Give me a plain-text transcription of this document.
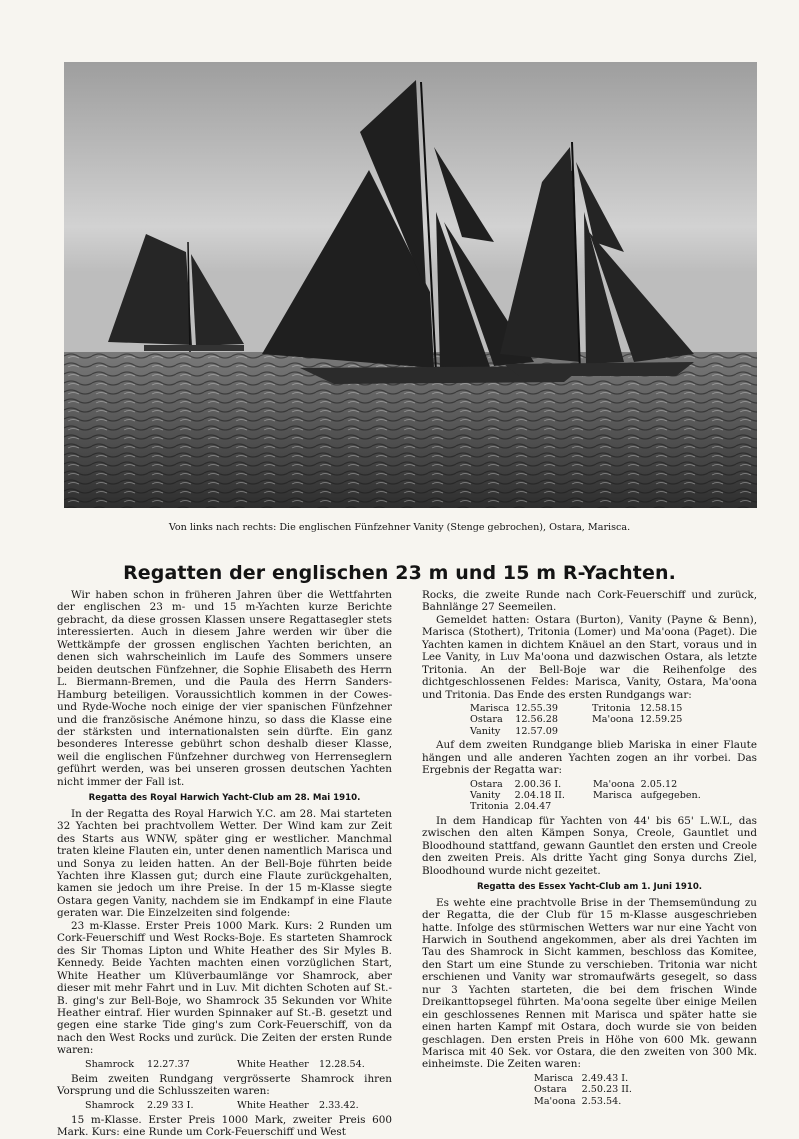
Von links nach rechts: Die englischen Fünfzehner Vanity (Stenge gebrochen), Ostara, Marisca.
Regatten der englischen 23 m und 15 m R-Yachten.

Wir haben schon in früheren Jahren über die Wettfahrten der englischen 23 m- und 15 m-Yachten kurze Berichte gebracht, da diese grossen Klassen unsere Regattasegler stets interessierten. Auch in diesem Jahre werden wir über die Wettkämpfe der grossen englischen Yachten berichten, an denen sich wahrscheinlich im Laufe des Sommers unsere beiden deutschen Fünfzehner, die Sophie Elisabeth des Herrn L. Biermann-Bremen, und die Paula des Herrn Sanders-Hamburg beteiligen. Voraussichtlich kommen in der Cowes- und Ryde-Woche noch einige der vier spanischen Fünfzehner und die französische Anémone hinzu, so dass die Klasse eine der stärksten und internationalsten sein dürfte. Ein ganz besonderes Interesse gebührt schon deshalb dieser Klasse, weil die englischen Fünfzehner durchweg von Herrenseglern geführt werden, was bei unseren grossen deutschen Yachten nicht immer der Fall ist.

Regatta des Royal Harwich Yacht-Club am 28. Mai 1910.

In der Regatta des Royal Harwich Y.C. am 28. Mai starteten 32 Yachten bei prachtvollem Wetter. Der Wind kam zur Zeit des Starts aus WNW, später ging er westlicher. Manchmal traten kleine Flauten ein, unter denen namentlich Marisca und und Sonya zu leiden hatten. An der Bell-Boje führten beide Yachten ihre Klassen gut; durch eine Flaute zurückgehalten, kamen sie jedoch um ihre Preise. In der 15 m-Klasse siegte Ostara gegen Vanity, nachdem sie im Endkampf in eine Flaute geraten war. Die Einzelzeiten sind folgende:

23 m-Klasse. Erster Preis 1000 Mark. Kurs: 2 Runden um Cork-Feuerschiff und West Rocks-Boje. Es starteten Shamrock des Sir Thomas Lipton und White Heather des Sir Myles B. Kennedy. Beide Yachten machten einen vorzüglichen Start, White Heather um Klüverbaumlänge vor Shamrock, aber dieser mit mehr Fahrt und in Luv. Mit dichten Schoten auf St.-B. ging's zur Bell-Boje, wo Shamrock 35 Sekunden vor White Heather eintraf. Hier wurden Spinnaker auf St.-B. gesetzt und gegen eine starke Tide ging's zum Cork-Feuerschiff, von da nach den West Rocks und zurück. Die Zeiten der ersten Runde waren:

Shamrock 12.27.37	White Heather 12.28.54.

Beim zweiten Rundgang vergrösserte Shamrock ihren Vorsprung und die Schlusszeiten waren:

Shamrock 2.29 33 I.	White Heather 2.33.42.

15 m-Klasse. Erster Preis 1000 Mark, zweiter Preis 600 Mark. Kurs: eine Runde um Cork-Feuerschiff und West

Rocks, die zweite Runde nach Cork-Feuerschiff und zurück, Bahnlänge 27 Seemeilen.

Gemeldet hatten: Ostara (Burton), Vanity (Payne & Benn), Marisca (Stothert), Tritonia (Lomer) und Ma'oona (Paget). Die Yachten kamen in dichtem Knäuel an den Start, voraus und in Lee Vanity, in Luv Ma'oona und dazwischen Ostara, als letzte Tritonia. An der Bell-Boje war die Reihenfolge des dichtgeschlossenen Feldes: Marisca, Vanity, Ostara, Ma'oona und Tritonia. Das Ende des ersten Rundgangs war:

Marisca	12.55.39	Tritonia	12.58.15
Ostara	12.56.28	Ma'oona	12.59.25
Vanity	12.57.09		

Auf dem zweiten Rundgange blieb Mariska in einer Flaute hängen und alle anderen Yachten zogen an ihr vorbei. Das Ergebnis der Regatta war:

Ostara	2.00.36 I.	Ma'oona	2.05.12
Vanity	2.04.18 II.	Marisca	aufgegeben.
Tritonia	2.04.47		

In dem Handicap für Yachten von 44' bis 65' L.W.L, das zwischen den alten Kämpen Sonya, Creole, Gauntlet und Bloodhound stattfand, gewann Gauntlet den ersten und Creole den zweiten Preis. Als dritte Yacht ging Sonya durchs Ziel, Bloodhound wurde nicht gezeitet.

Regatta des Essex Yacht-Club am 1. Juni 1910.

Es wehte eine prachtvolle Brise in der Themsemündung zu der Regatta, die der Club für 15 m-Klasse ausgeschrieben hatte. Infolge des stürmischen Wetters war nur eine Yacht von Harwich in Southend angekommen, aber als drei Yachten im Tau des Shamrock in Sicht kammen, beschloss das Komitee, den Start um eine Stunde zu verschieben. Tritonia war nicht erschienen und Vanity war stromaufwärts gesegelt, so dass nur 3 Yachten starteten, die bei dem frischen Winde Dreikanttopsegel führten. Ma'oona segelte über einige Meilen ein geschlossenes Rennen mit Marisca und später hatte sie einen harten Kampf mit Ostara, doch wurde sie von beiden geschlagen. Den ersten Preis in Höhe von 600 Mk. gewann Marisca mit 40 Sek. vor Ostara, die den zweiten von 300 Mk. einheimste. Die Zeiten waren:

Marisca	2.49.43 I.
Ostara	2.50.23 II.
Ma'oona	2.53.54.
